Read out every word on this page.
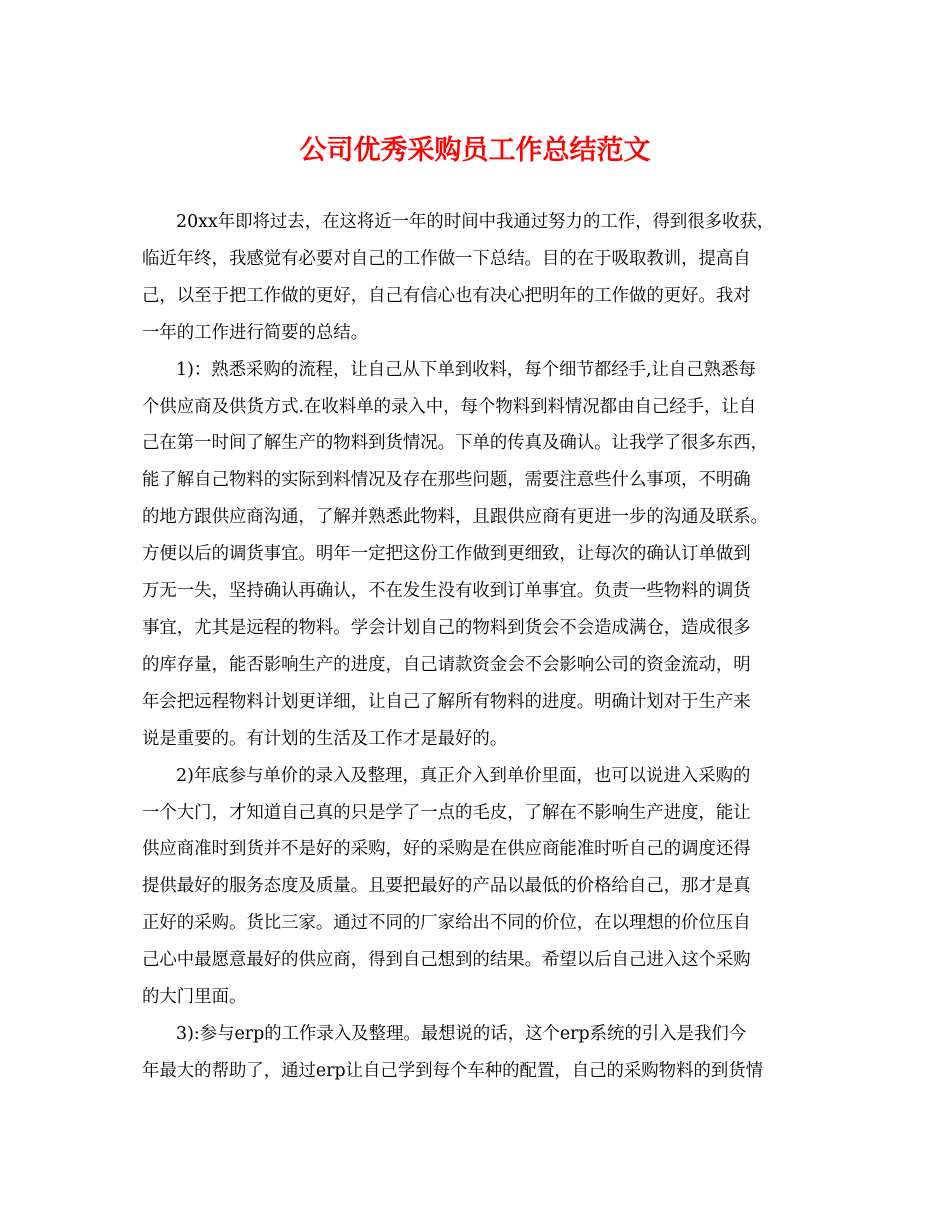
公司优秀采购员工作总结范文

20xx年即将过去，在这将近一年的时间中我通过努力的工作，得到很多收获，
临近年终，我感觉有必要对自己的工作做一下总结。目的在于吸取教训，提高自
己，以至于把工作做的更好，自己有信心也有决心把明年的工作做的更好。我对
一年的工作进行简要的总结。

1)：熟悉采购的流程，让自己从下单到收料，每个细节都经手,让自己熟悉每
个供应商及供货方式.在收料单的录入中，每个物料到料情况都由自己经手，让自
己在第一时间了解生产的物料到货情况。下单的传真及确认。让我学了很多东西，
能了解自己物料的实际到料情况及存在那些问题，需要注意些什么事项，不明确
的地方跟供应商沟通，了解并熟悉此物料，且跟供应商有更进一步的沟通及联系。
方便以后的调货事宜。明年一定把这份工作做到更细致，让每次的确认订单做到
万无一失，坚持确认再确认，不在发生没有收到订单事宜。负责一些物料的调货
事宜，尤其是远程的物料。学会计划自己的物料到货会不会造成满仓，造成很多
的库存量，能否影响生产的进度，自己请款资金会不会影响公司的资金流动，明
年会把远程物料计划更详细，让自己了解所有物料的进度。明确计划对于生产来
说是重要的。有计划的生活及工作才是最好的。

2)年底参与单价的录入及整理，真正介入到单价里面，也可以说进入采购的
一个大门，才知道自己真的只是学了一点的毛皮，了解在不影响生产进度，能让
供应商准时到货并不是好的采购，好的采购是在供应商能准时听自己的调度还得
提供最好的服务态度及质量。且要把最好的产品以最低的价格给自己，那才是真
正好的采购。货比三家。通过不同的厂家给出不同的价位，在以理想的价位压自
己心中最愿意最好的供应商，得到自己想到的结果。希望以后自己进入这个采购
的大门里面。

3):参与erp的工作录入及整理。最想说的话，这个erp系统的引入是我们今
年最大的帮助了，通过erp让自己学到每个车种的配置，自己的采购物料的到货情
